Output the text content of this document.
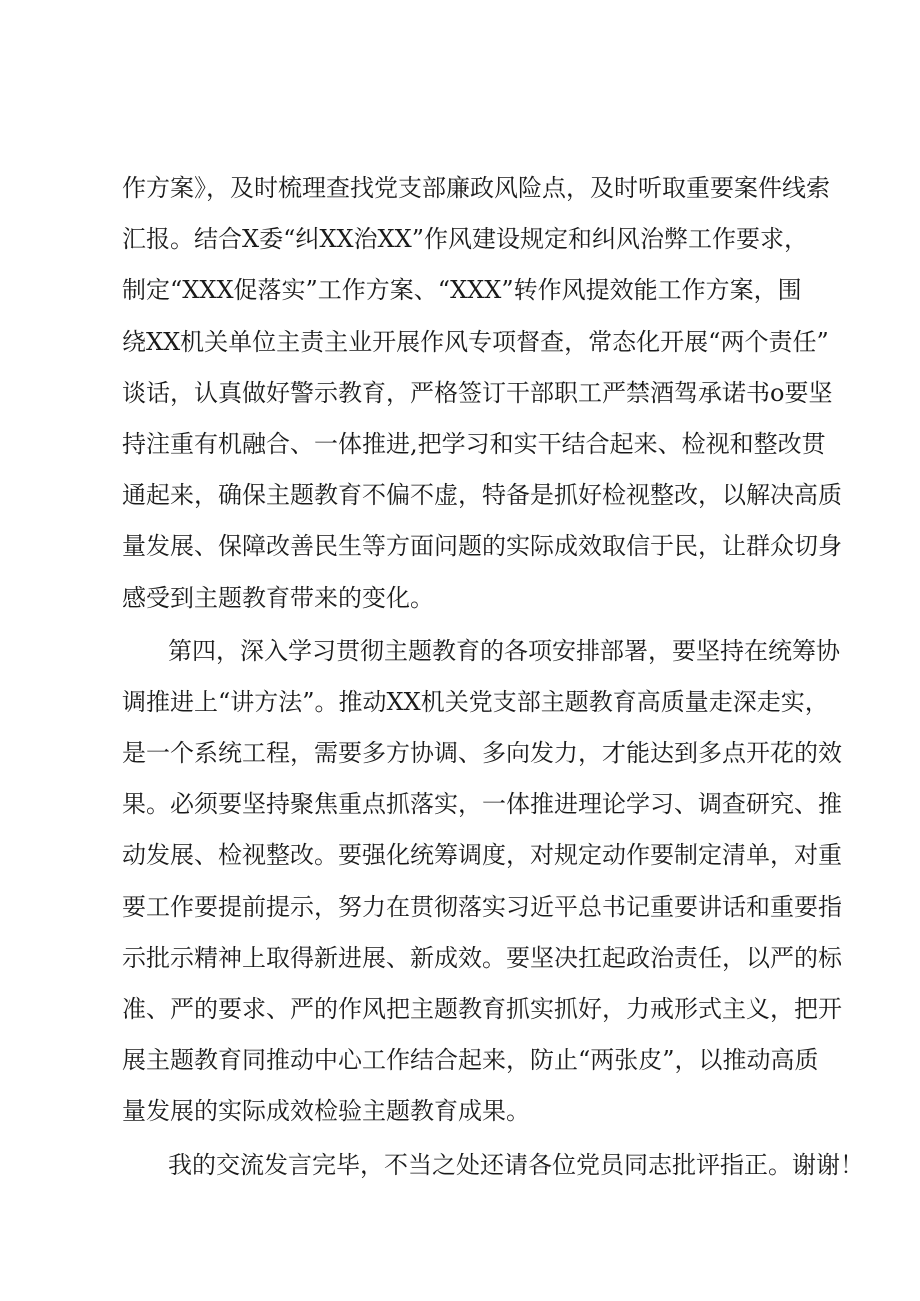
作方案》，及时梳理查找党支部廉政风险点，及时听取重要案件线索
汇报。结合X委“纠XX治XX”作风建设规定和纠风治弊工作要求，
制定“XXX促落实”工作方案、“XXX”转作风提效能工作方案，围
绕XX机关单位主责主业开展作风专项督查，常态化开展“两个责任”
谈话，认真做好警示教育，严格签订干部职工严禁酒驾承诺书o要坚
持注重有机融合、一体推进,把学习和实干结合起来、检视和整改贯
通起来，确保主题教育不偏不虚，特备是抓好检视整改，以解决高质
量发展、保障改善民生等方面问题的实际成效取信于民，让群众切身
感受到主题教育带来的变化。
第四，深入学习贯彻主题教育的各项安排部署，要坚持在统筹协
调推进上“讲方法”。推动XX机关党支部主题教育高质量走深走实，
是一个系统工程，需要多方协调、多向发力，才能达到多点开花的效
果。必须要坚持聚焦重点抓落实，一体推进理论学习、调查研究、推
动发展、检视整改。要强化统筹调度，对规定动作要制定清单，对重
要工作要提前提示，努力在贯彻落实习近平总书记重要讲话和重要指
示批示精神上取得新进展、新成效。要坚决扛起政治责任，以严的标
准、严的要求、严的作风把主题教育抓实抓好，力戒形式主义，把开
展主题教育同推动中心工作结合起来，防止“两张皮”，以推动高质
量发展的实际成效检验主题教育成果。
我的交流发言完毕，不当之处还请各位党员同志批评指正。谢谢！
